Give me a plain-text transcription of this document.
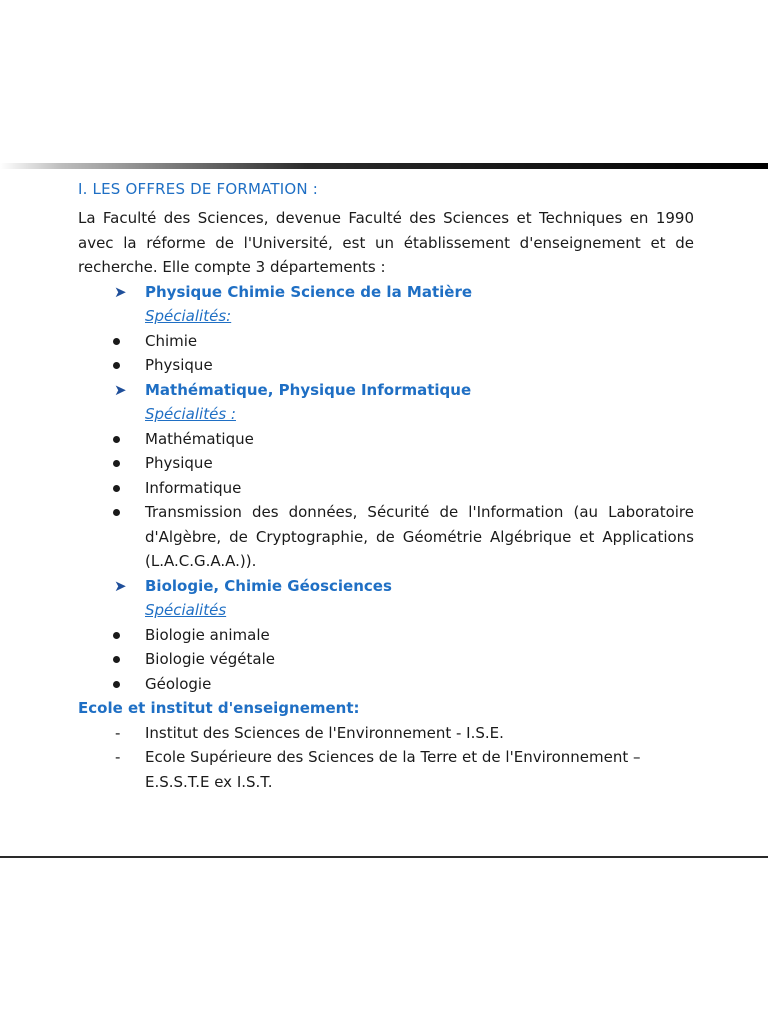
I. LES OFFRES DE FORMATION :

La Faculté des Sciences, devenue Faculté des Sciences et Techniques en 1990 avec la réforme de l'Université, est un établissement d'enseignement et de recherche. Elle compte 3 départements :

➤ Physique Chimie Science de la Matière
Spécialités:
Chimie
Physique
➤ Mathématique, Physique Informatique
Spécialités :
Mathématique
Physique
Informatique
Transmission des données, Sécurité de l'Information (au Laboratoire d'Algèbre, de Cryptographie, de Géométrie Algébrique et Applications (L.A.C.G.A.A.)).
➤ Biologie, Chimie Géosciences
Spécialités
Biologie animale
Biologie végétale
Géologie
Ecole et institut d'enseignement:
- Institut des Sciences de l'Environnement - I.S.E.
- Ecole Supérieure des Sciences de la Terre et de l'Environnement – E.S.S.T.E ex I.S.T.
